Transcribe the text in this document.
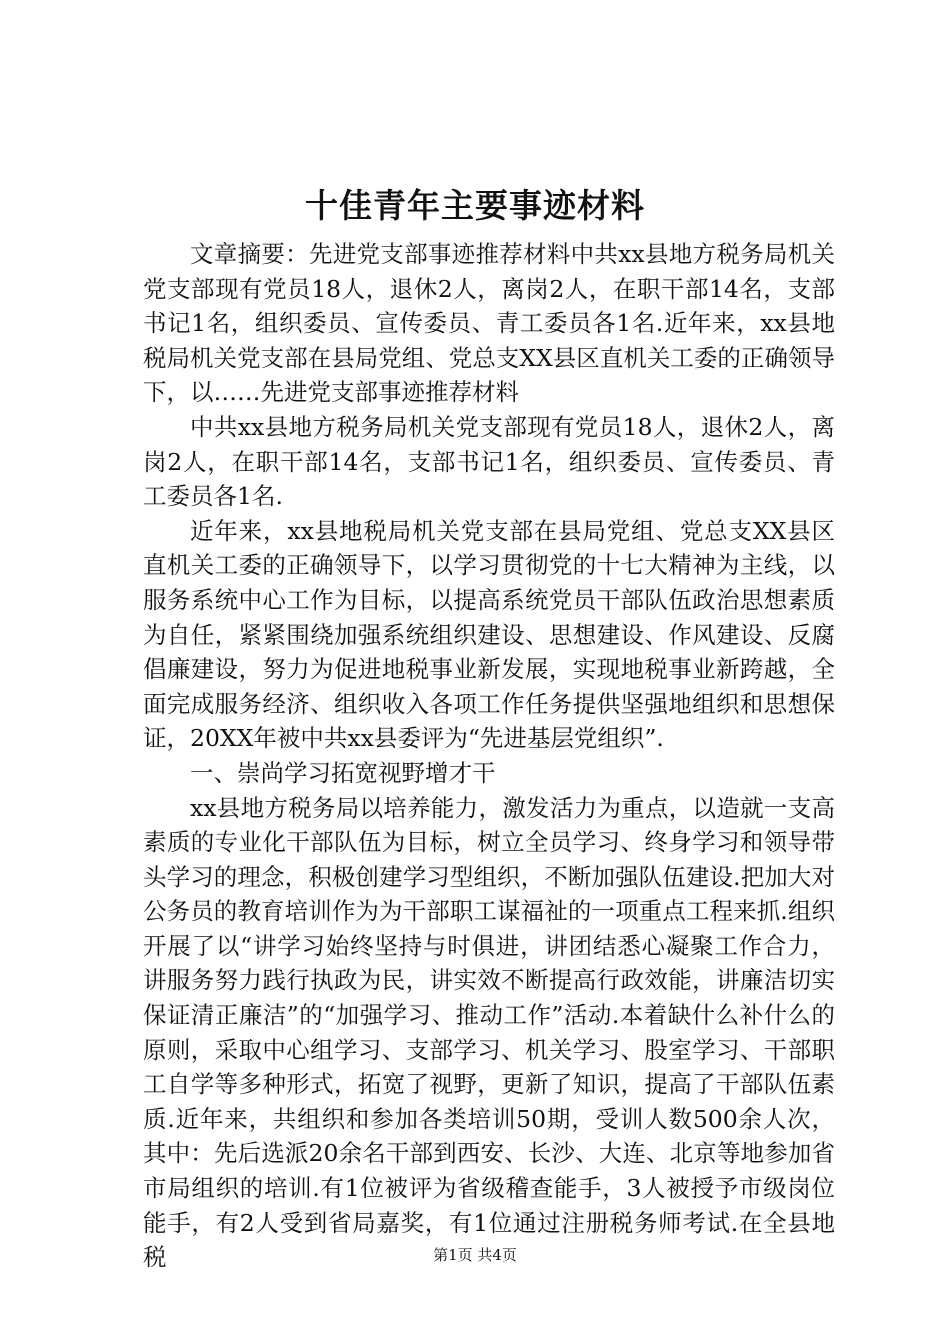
十佳青年主要事迹材料

文章摘要：先进党支部事迹推荐材料中共xx县地方税务局机关党支部现有党员18人，退休2人，离岗2人，在职干部14名，支部书记1名，组织委员、宣传委员、青工委员各1名.近年来，xx县地税局机关党支部在县局党组、党总支XX县区直机关工委的正确领导下，以……先进党支部事迹推荐材料

中共xx县地方税务局机关党支部现有党员18人，退休2人，离岗2人，在职干部14名，支部书记1名，组织委员、宣传委员、青工委员各1名.

近年来，xx县地税局机关党支部在县局党组、党总支XX县区直机关工委的正确领导下，以学习贯彻党的十七大精神为主线，以服务系统中心工作为目标，以提高系统党员干部队伍政治思想素质为自任，紧紧围绕加强系统组织建设、思想建设、作风建设、反腐倡廉建设，努力为促进地税事业新发展，实现地税事业新跨越，全面完成服务经济、组织收入各项工作任务提供坚强地组织和思想保证，20XX年被中共xx县委评为“先进基层党组织”.

一、崇尚学习拓宽视野增才干

xx县地方税务局以培养能力，激发活力为重点，以造就一支高素质的专业化干部队伍为目标，树立全员学习、终身学习和领导带头学习的理念，积极创建学习型组织，不断加强队伍建设.把加大对公务员的教育培训作为为干部职工谋福祉的一项重点工程来抓.组织开展了以“讲学习始终坚持与时俱进，讲团结悉心凝聚工作合力，讲服务努力践行执政为民，讲实效不断提高行政效能，讲廉洁切实保证清正廉洁”的“加强学习、推动工作”活动.本着缺什么补什么的原则，采取中心组学习、支部学习、机关学习、股室学习、干部职工自学等多种形式，拓宽了视野，更新了知识，提高了干部队伍素质.近年来，共组织和参加各类培训50期，受训人数500余人次，其中：先后选派20余名干部到西安、长沙、大连、北京等地参加省市局组织的培训.有1位被评为省级稽查能手，3人被授予市级岗位能手，有2人受到省局嘉奖，有1位通过注册税务师考试.在全县地税	第1页 共4页
